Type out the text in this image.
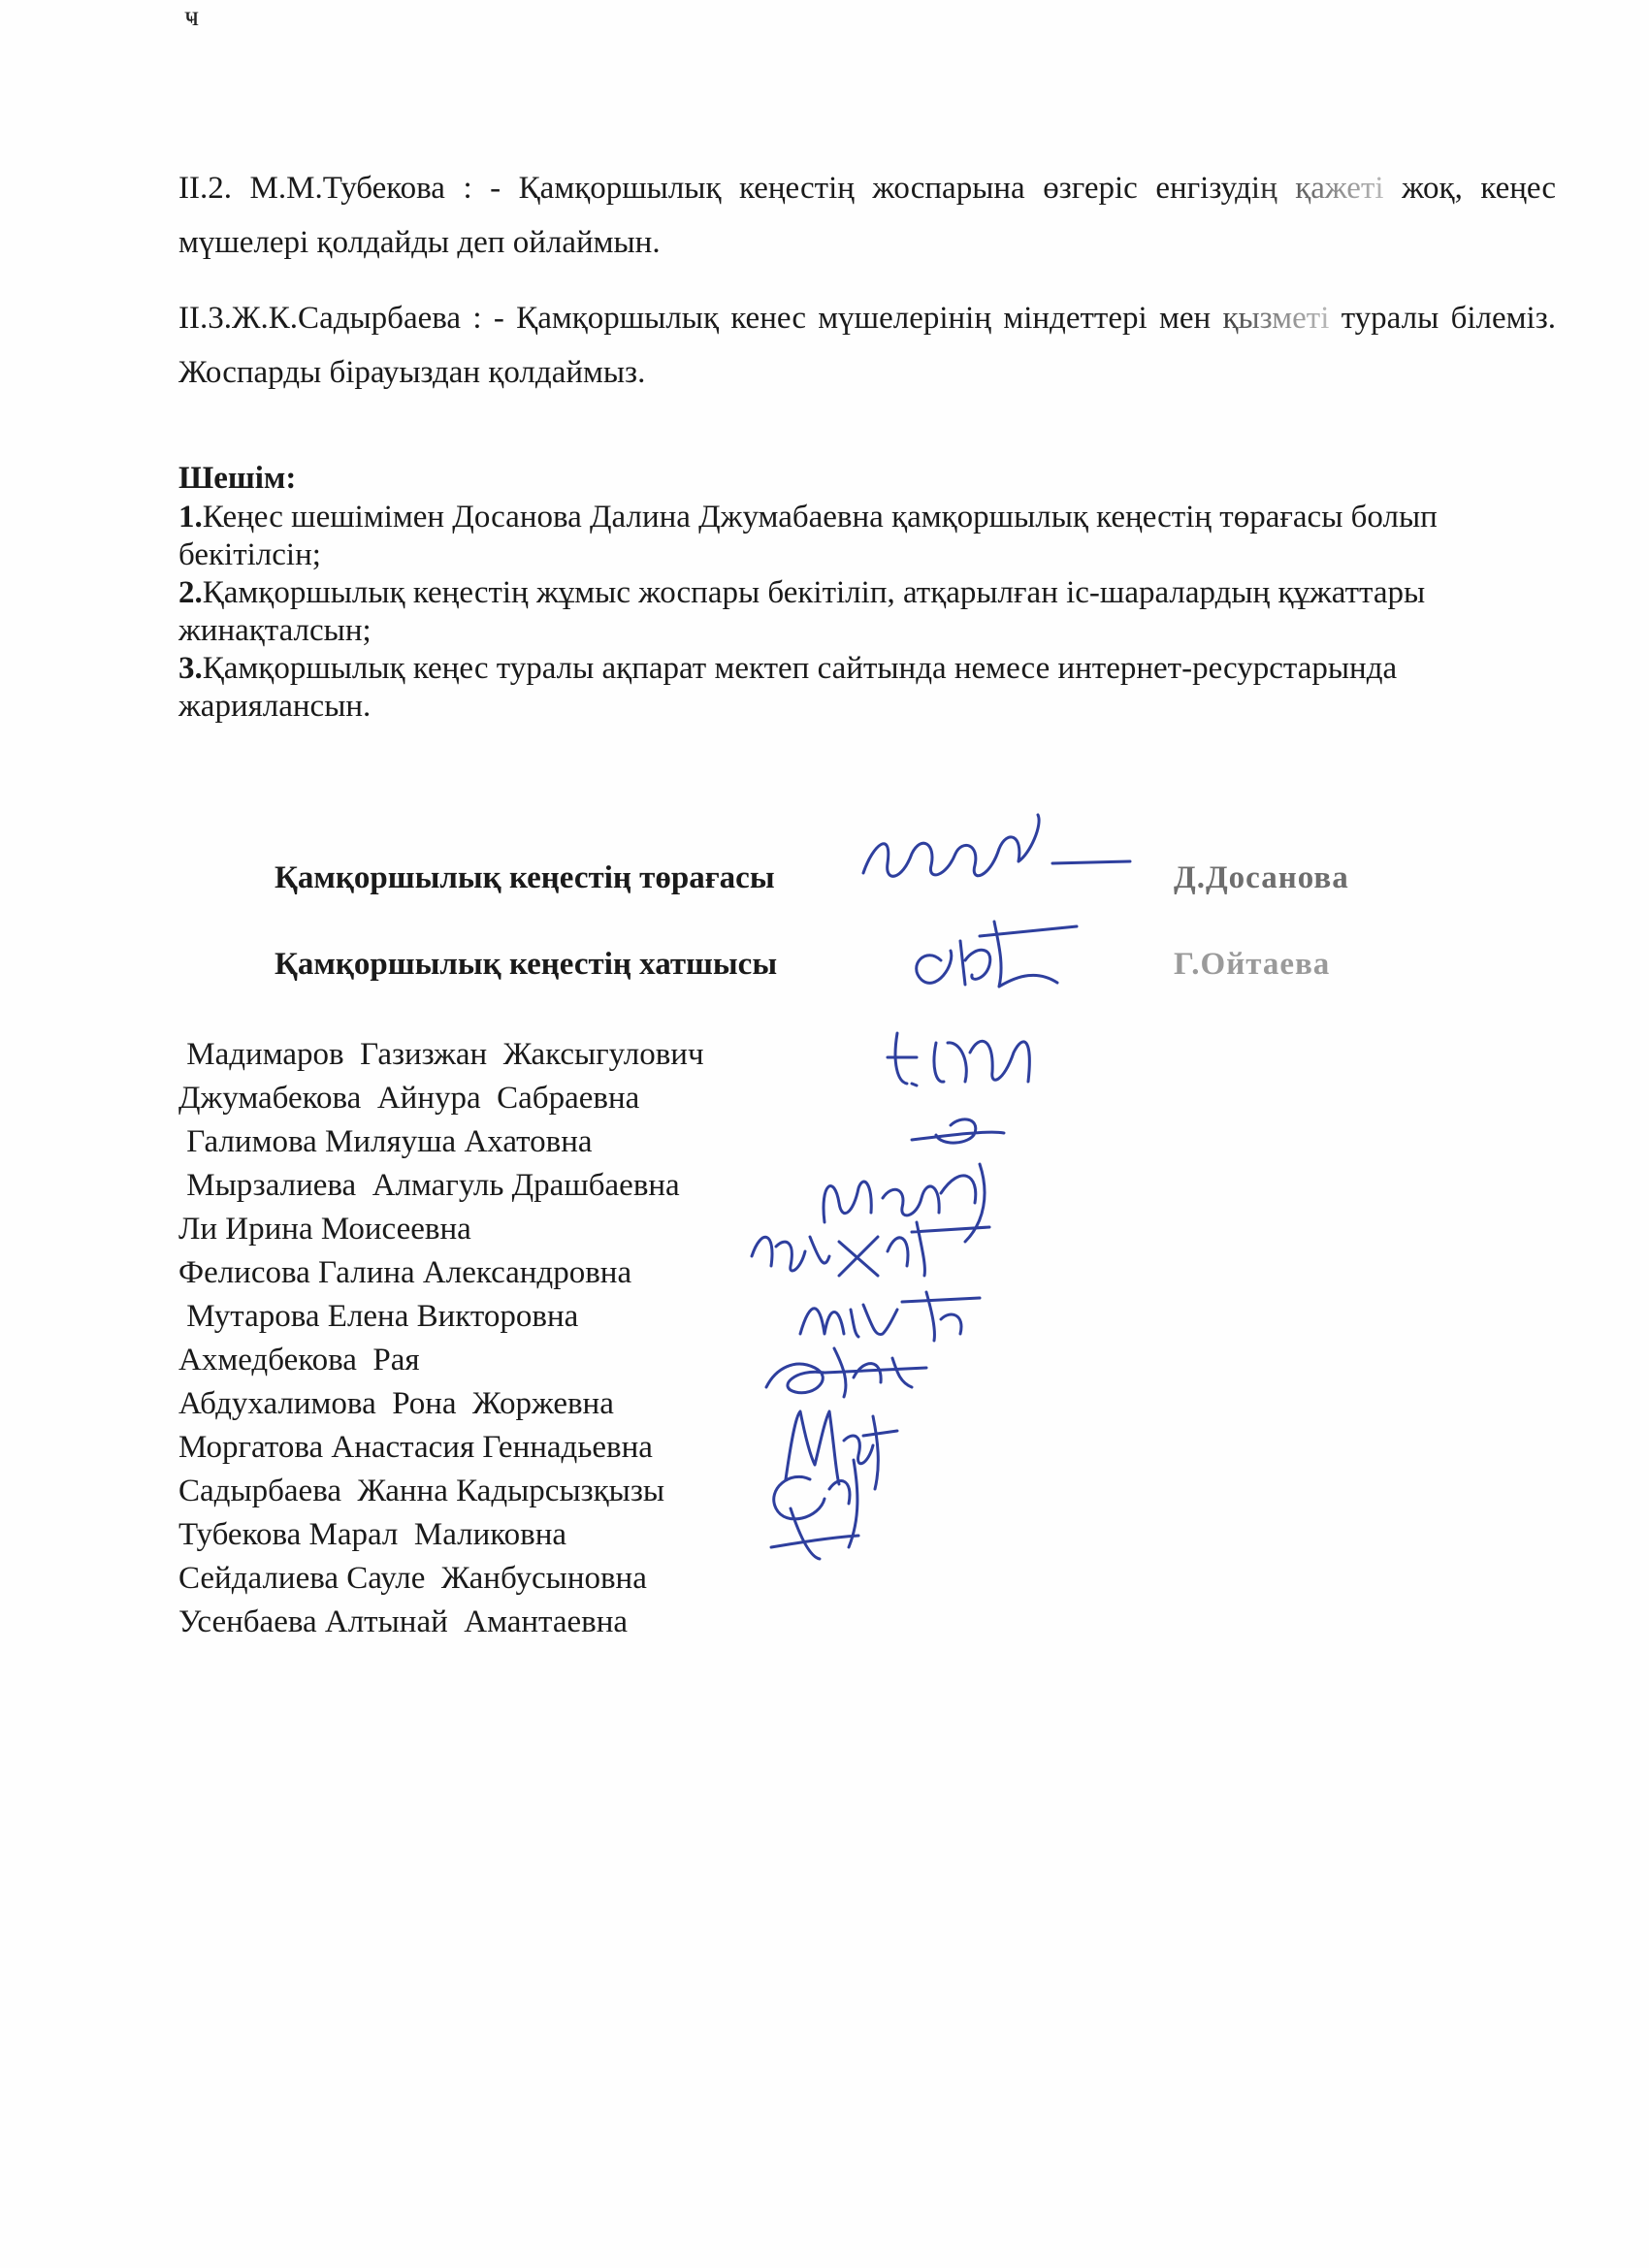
ҹ

ІІ.2. М.М.Тубекова : - Қамқоршылық кеңестің жоспарына өзгеріс енгізудің қажеті жоқ, кеңес мүшелері қолдайды деп ойлаймын.

ІІ.3.Ж.К.Садырбаева : - Қамқоршылық кенес мүшелерінің міндеттері мен қызметі туралы білеміз. Жоспарды бірауыздан қолдаймыз.

Шешім:

1.Кеңес шешімімен Досанова Далина Джумабаевна қамқоршылық кеңестің төрағасы болып бекітілсін;

2.Қамқоршылық кеңестің жұмыс жоспары бекітіліп, атқарылған іс-шаралардың құжаттары жинақталсын;

3.Қамқоршылық кеңес туралы ақпарат мектеп сайтында немесе интернет-ресурстарында жариялансын.

Қамқоршылық кеңестің төрағасы	Д.Досанова
Қамқоршылық кеңестің хатшысы	Г.Ойтаева
Мадимаров  Газизжан  Жаксыгулович
Джумабекова  Айнура  Сабраевна
Галимова Миляуша Ахатовна
Мырзалиева  Алмагуль Драшбаевна
Ли Ирина Моисеевна
Фелисова Галина Александровна
Мутарова Елена Викторовна
Ахмедбекова  Рая
Абдухалимова  Рона  Жоржевна
Моргатова Анастасия Геннадьевна
Садырбаева  Жанна Кадырсызқызы
Тубекова Марал  Маликовна
Сейдалиева Сауле  Жанбусыновна
Усенбаева Алтынай  Амантаевна
